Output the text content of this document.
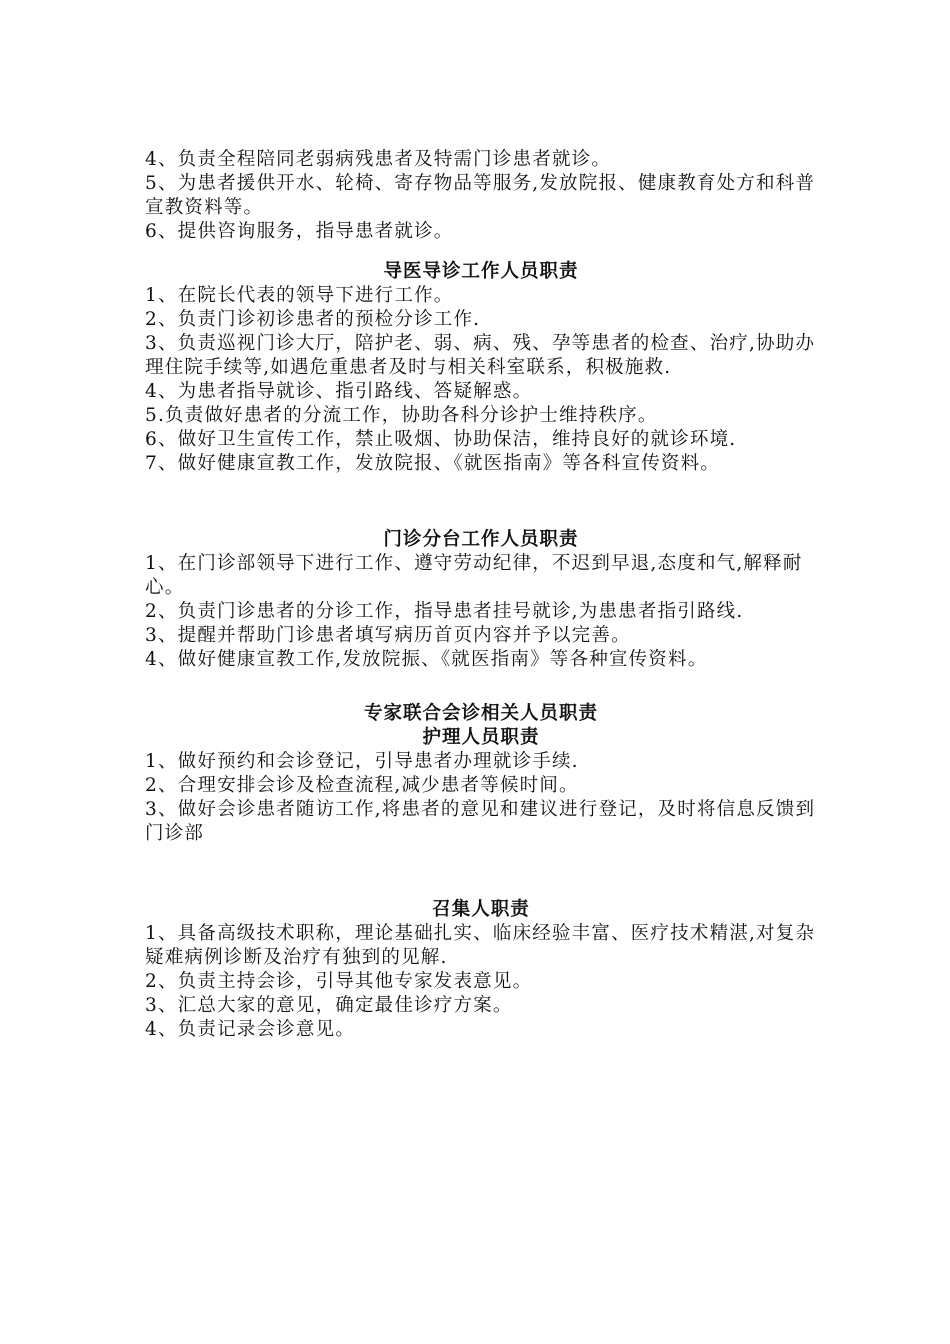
4、负责全程陪同老弱病残患者及特需门诊患者就诊。

5、为患者援供开水、轮椅、寄存物品等服务,发放院报、健康教育处方和科普宣教资料等。

6、提供咨询服务，指导患者就诊。

导医导诊工作人员职责

1、在院长代表的领导下进行工作。

2、负责门诊初诊患者的预检分诊工作.

3、负责巡视门诊大厅，陪护老、弱、病、残、孕等患者的检查、治疗,协助办理住院手续等,如遇危重患者及时与相关科室联系，积极施救.

4、为患者指导就诊、指引路线、答疑解惑。

5.负责做好患者的分流工作，协助各科分诊护士维持秩序。

6、做好卫生宣传工作，禁止吸烟、协助保洁，维持良好的就诊环境.

7、做好健康宣教工作，发放院报、《就医指南》等各科宣传资料。

门诊分台工作人员职责

1、在门诊部领导下进行工作、遵守劳动纪律，不迟到早退,态度和气,解释耐心。

2、负责门诊患者的分诊工作，指导患者挂号就诊,为患患者指引路线.

3、提醒并帮助门诊患者填写病历首页内容并予以完善。

4、做好健康宣教工作,发放院振、《就医指南》等各种宣传资料。

专家联合会诊相关人员职责

护理人员职责

1、做好预约和会诊登记，引导患者办理就诊手续.

2、合理安排会诊及检查流程,减少患者等候时间。

3、做好会诊患者随访工作,将患者的意见和建议进行登记，及时将信息反馈到门诊部

召集人职责

1、具备高级技术职称，理论基础扎实、临床经验丰富、医疗技术精湛,对复杂疑难病例诊断及治疗有独到的见解.

2、负责主持会诊，引导其他专家发表意见。

3、汇总大家的意见，确定最佳诊疗方案。

4、负责记录会诊意见。
